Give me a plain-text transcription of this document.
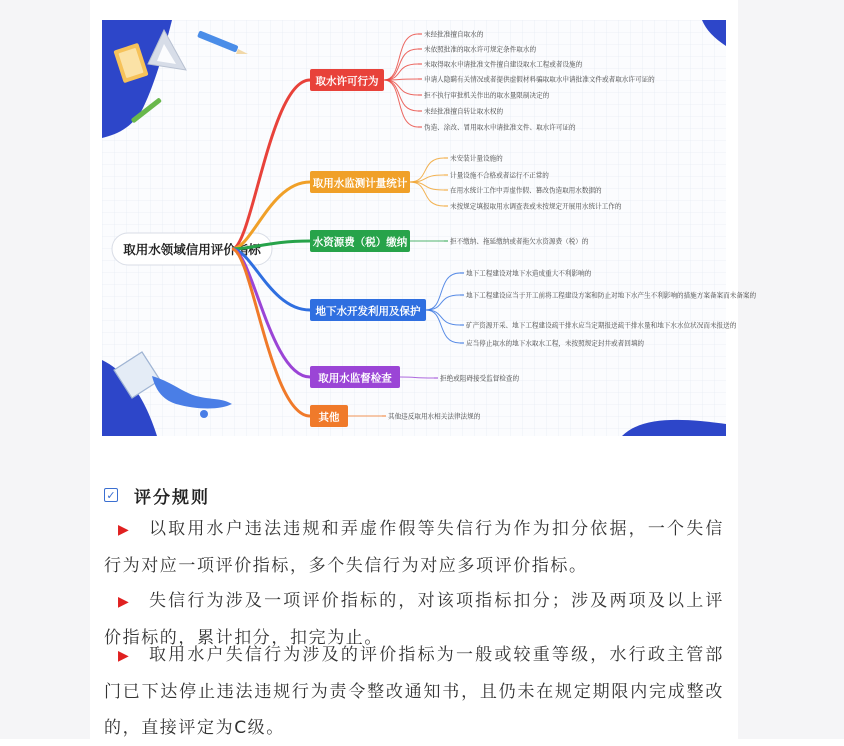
取用水领域信用评价指标
取水许可行为
未经批准擅自取水的
未依照批准的取水许可规定条件取水的
未取得取水申请批准文件擅自建设取水工程或者设施的
申请人隐瞒有关情况或者提供虚假材料骗取取水申请批准文件或者取水许可证的
拒不执行审批机关作出的取水量限制决定的
未经批准擅自转让取水权的
伪造、涂改、冒用取水申请批准文件、取水许可证的
取用水监测计量统计
未安装计量设施的
计量设施不合格或者运行不正常的
在用水统计工作中弄虚作假、篡改伪造取用水数据的
未按规定填报取用水调查表或未按规定开展用水统计工作的
水资源费（税）缴纳	拒不缴纳、拖延缴纳或者拖欠水资源费（税）的
地下水开发利用及保护
地下工程建设对地下水造成重大不利影响的
地下工程建设应当于开工前将工程建设方案和防止对地下水产生不利影响的措施方案备案而未备案的
矿产资源开采、地下工程建设疏干排水应当定期报送疏干排水量和地下水水位状况而未报送的
应当停止取水的地下水取水工程，未按照规定封井或者回填的
取用水监督检查	拒绝或阻碍接受监督检查的
其他	其他违反取用水相关法律法规的
✓ 评分规则
▶ 以取用水户违法违规和弄虚作假等失信行为作为扣分依据，一个失信行为对应一项评价指标，多个失信行为对应多项评价指标。
▶ 失信行为涉及一项评价指标的，对该项指标扣分；涉及两项及以上评价指标的，累计扣分，扣完为止。
▶ 取用水户失信行为涉及的评价指标为一般或较重等级，水行政主管部门已下达停止违法违规行为责令整改通知书，且仍未在规定期限内完成整改的，直接评定为C级。
